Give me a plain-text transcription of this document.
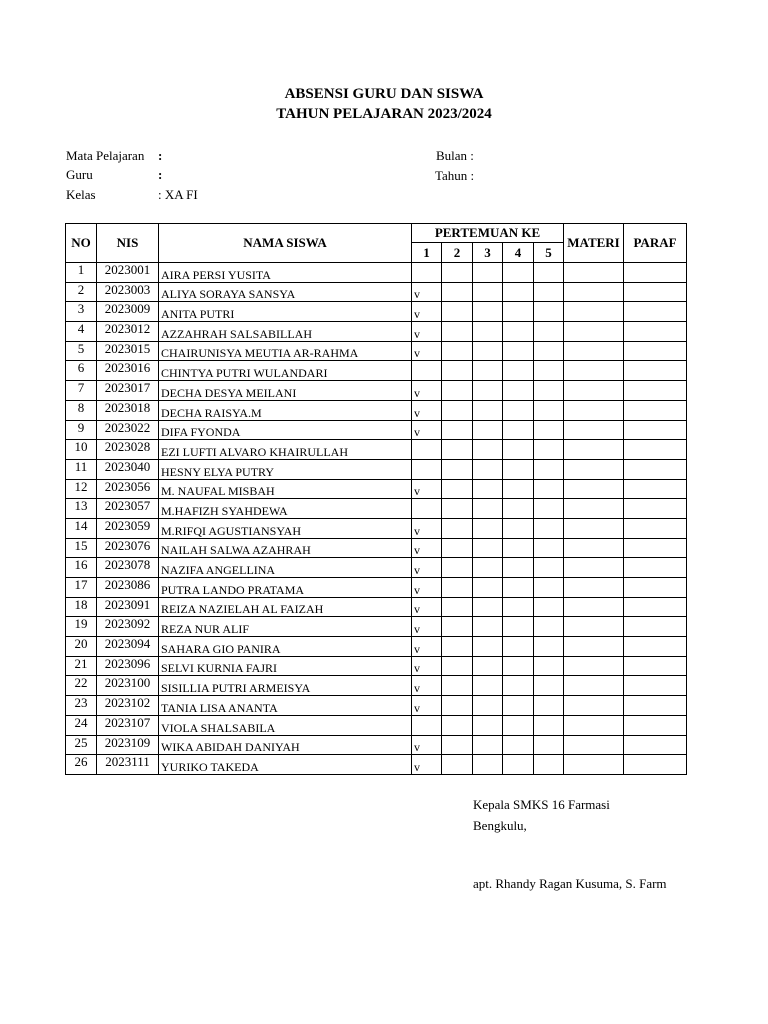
ABSENSI GURU DAN SISWA
TAHUN PELAJARAN 2023/2024
Mata Pelajaran :
Guru	:
Kelas	: XA FI
Bulan :
Tahun :
NO	NIS	NAMA SISWA	PERTEMUAN KE					MATERI	PARAF
			1	2	3	4	5		
1	2023001	AIRA PERSI YUSITA							
2	2023003	ALIYA SORAYA SANSYA	v						
3	2023009	ANITA PUTRI	v						
4	2023012	AZZAHRAH SALSABILLAH	v						
5	2023015	CHAIRUNISYA MEUTIA AR-RAHMA	v						
6	2023016	CHINTYA PUTRI WULANDARI							
7	2023017	DECHA DESYA MEILANI	v						
8	2023018	DECHA RAISYA.M	v						
9	2023022	DIFA FYONDA	v						
10	2023028	EZI LUFTI ALVARO KHAIRULLAH							
11	2023040	HESNY ELYA PUTRY							
12	2023056	M. NAUFAL MISBAH	v						
13	2023057	M.HAFIZH SYAHDEWA							
14	2023059	M.RIFQI AGUSTIANSYAH	v						
15	2023076	NAILAH SALWA AZAHRAH	v						
16	2023078	NAZIFA ANGELLINA	v						
17	2023086	PUTRA LANDO PRATAMA	v						
18	2023091	REIZA NAZIELAH AL FAIZAH	v						
19	2023092	REZA NUR ALIF	v						
20	2023094	SAHARA GIO PANIRA	v						
21	2023096	SELVI KURNIA FAJRI	v						
22	2023100	SISILLIA PUTRI ARMEISYA	v						
23	2023102	TANIA LISA ANANTA	v						
24	2023107	VIOLA SHALSABILA							
25	2023109	WIKA ABIDAH DANIYAH	v						
26	2023111	YURIKO TAKEDA	v						
Kepala SMKS 16 Farmasi
Bengkulu,
apt. Rhandy Ragan Kusuma, S. Farm
